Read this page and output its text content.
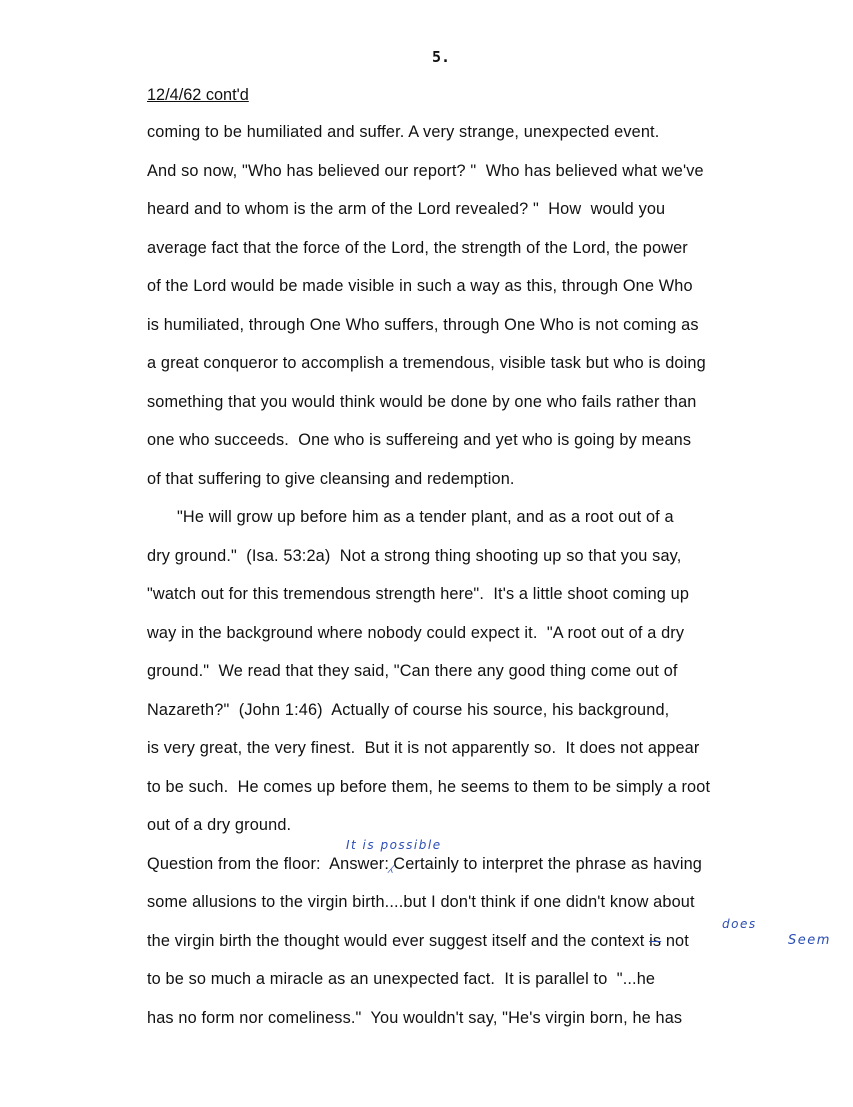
5.
12/4/62 cont'd
coming to be humiliated and suffer. A very strange, unexpected event.
And so now, "Who has believed our report? "  Who has believed what we've
heard and to whom is the arm of the Lord revealed? "  How  would you
average fact that the force of the Lord, the strength of the Lord, the power
of the Lord would be made visible in such a way as this, through One Who
is humiliated, through One Who suffers, through One Who is not coming as
a great conqueror to accomplish a tremendous, visible task but who is doing
something that you would think would be done by one who fails rather than
one who succeeds.  One who is suffereing and yet who is going by means
of that suffering to give cleansing and redemption.
"He will grow up before him as a tender plant, and as a root out of a
dry ground."  (Isa. 53:2a)  Not a strong thing shooting up so that you say,
"watch out for this tremendous strength here".  It's a little shoot coming up
way in the background where nobody could expect it.  "A root out of a dry
ground."  We read that they said, "Can there any good thing come out of
Nazareth?"  (John 1:46)  Actually of course his source, his background,
is very great, the very finest.  But it is not apparently so.  It does not appear
to be such.  He comes up before them, he seems to them to be simply a root
out of a dry ground.
Question from the floor:  Answer:⁁Certainly to interpret the phrase as having
some allusions to the virgin birth....but I don't think if one didn't know about
the virgin birth the thought would ever suggest itself and the context is not
to be so much a miracle as an unexpected fact.  It is parallel to  "...he
has no form nor comeliness."  You wouldn't say, "He's virgin born, he has
It is possible
does
Seem
